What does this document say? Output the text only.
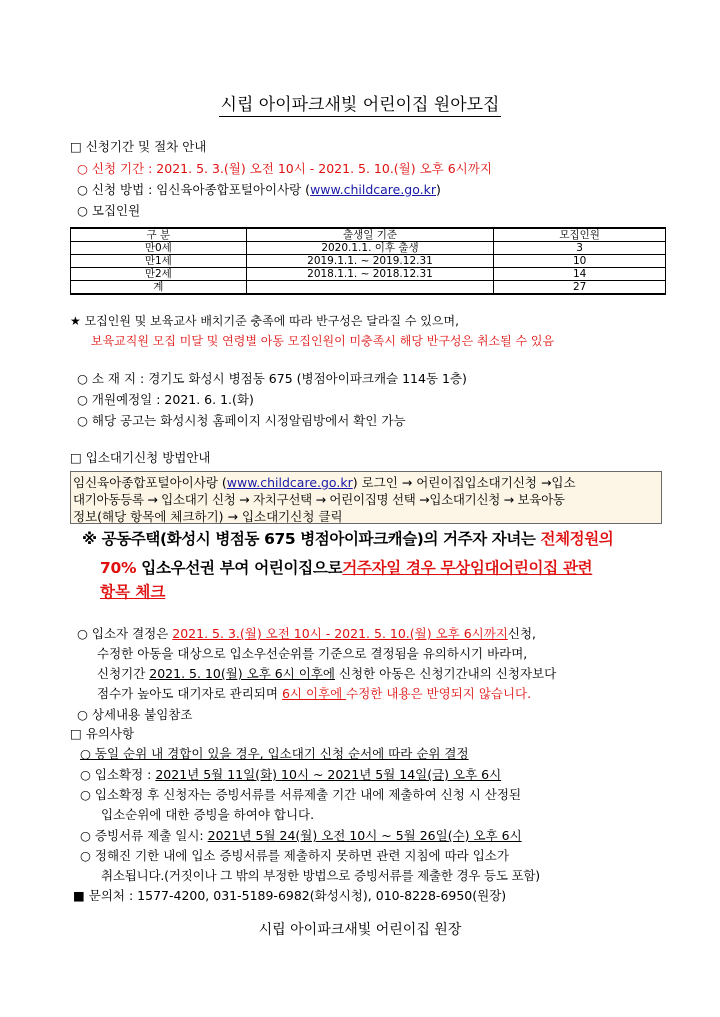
시립 아이파크새빛 어린이집 원아모집
□ 신청기간 및 절차 안내
○ 신청 기간 : 2021. 5. 3.(월) 오전 10시 - 2021. 5. 10.(월) 오후 6시까지
○ 신청 방법 : 임신육아종합포털아이사랑 (www.childcare.go.kr)
○ 모집인원
구 분	출생일 기준	모집인원
만0세	2020.1.1. 이후 출생	3
만1세	2019.1.1. ~ 2019.12.31	10
만2세	2018.1.1. ~ 2018.12.31	14
계		27
★ 모집인원 및 보육교사 배치기준 충족에 따라 반구성은 달라질 수 있으며,
보육교직원 모집 미달 및 연령별 아동 모집인원이 미충족시 해당 반구성은 취소될 수 있음
○ 소 재 지 : 경기도 화성시 병점동 675 (병점아이파크캐슬 114동 1층)
○ 개원예정일 : 2021. 6. 1.(화)
○ 해당 공고는 화성시청 홈페이지 시정알림방에서 확인 가능
□ 입소대기신청 방법안내
임신육아종합포털아이사랑 (www.childcare.go.kr) 로그인 → 어린이집입소대기신청 →입소
대기아동등록 → 입소대기 신청 → 자치구선택 → 어린이집명 선택 →입소대기신청 → 보육아동
정보(해당 항목에 체크하기) → 입소대기신청 클릭
※ 공동주택(화성시 병점동 675 병점아이파크캐슬)의 거주자 자녀는 전체정원의
70% 입소우선권 부여 어린이집으로거주자일 경우 무상임대어린이집 관련
항목 체크
○ 입소자 결정은 2021. 5. 3.(월) 오전 10시 - 2021. 5. 10.(월) 오후 6시까지신청,
수정한 아동을 대상으로 입소우선순위를 기준으로 결정됨을 유의하시기 바라며,
신청기간 2021. 5. 10(월) 오후 6시 이후에 신청한 아동은 신청기간내의 신청자보다
점수가 높아도 대기자로 관리되며 6시 이후에 수정한 내용은 반영되지 않습니다.
○ 상세내용 붙임참조
□ 유의사항
○ 동일 순위 내 경합이 있을 경우, 입소대기 신청 순서에 따라 순위 결정
○ 입소확정 : 2021년 5월 11일(화) 10시 ~ 2021년 5월 14일(금) 오후 6시
○ 입소확정 후 신청자는 증빙서류를 서류제출 기간 내에 제출하여 신청 시 산정된
입소순위에 대한 증빙을 하여야 합니다.
○ 증빙서류 제출 일시: 2021년 5월 24(월) 오전 10시 ~ 5월 26일(수) 오후 6시
○ 정해진 기한 내에 입소 증빙서류를 제출하지 못하면 관련 지침에 따라 입소가
취소됩니다.(거짓이나 그 밖의 부정한 방법으로 증빙서류를 제출한 경우 등도 포함)
■ 문의처 : 1577-4200, 031-5189-6982(화성시청), 010-8228-6950(원장)
시립 아이파크새빛 어린이집 원장
